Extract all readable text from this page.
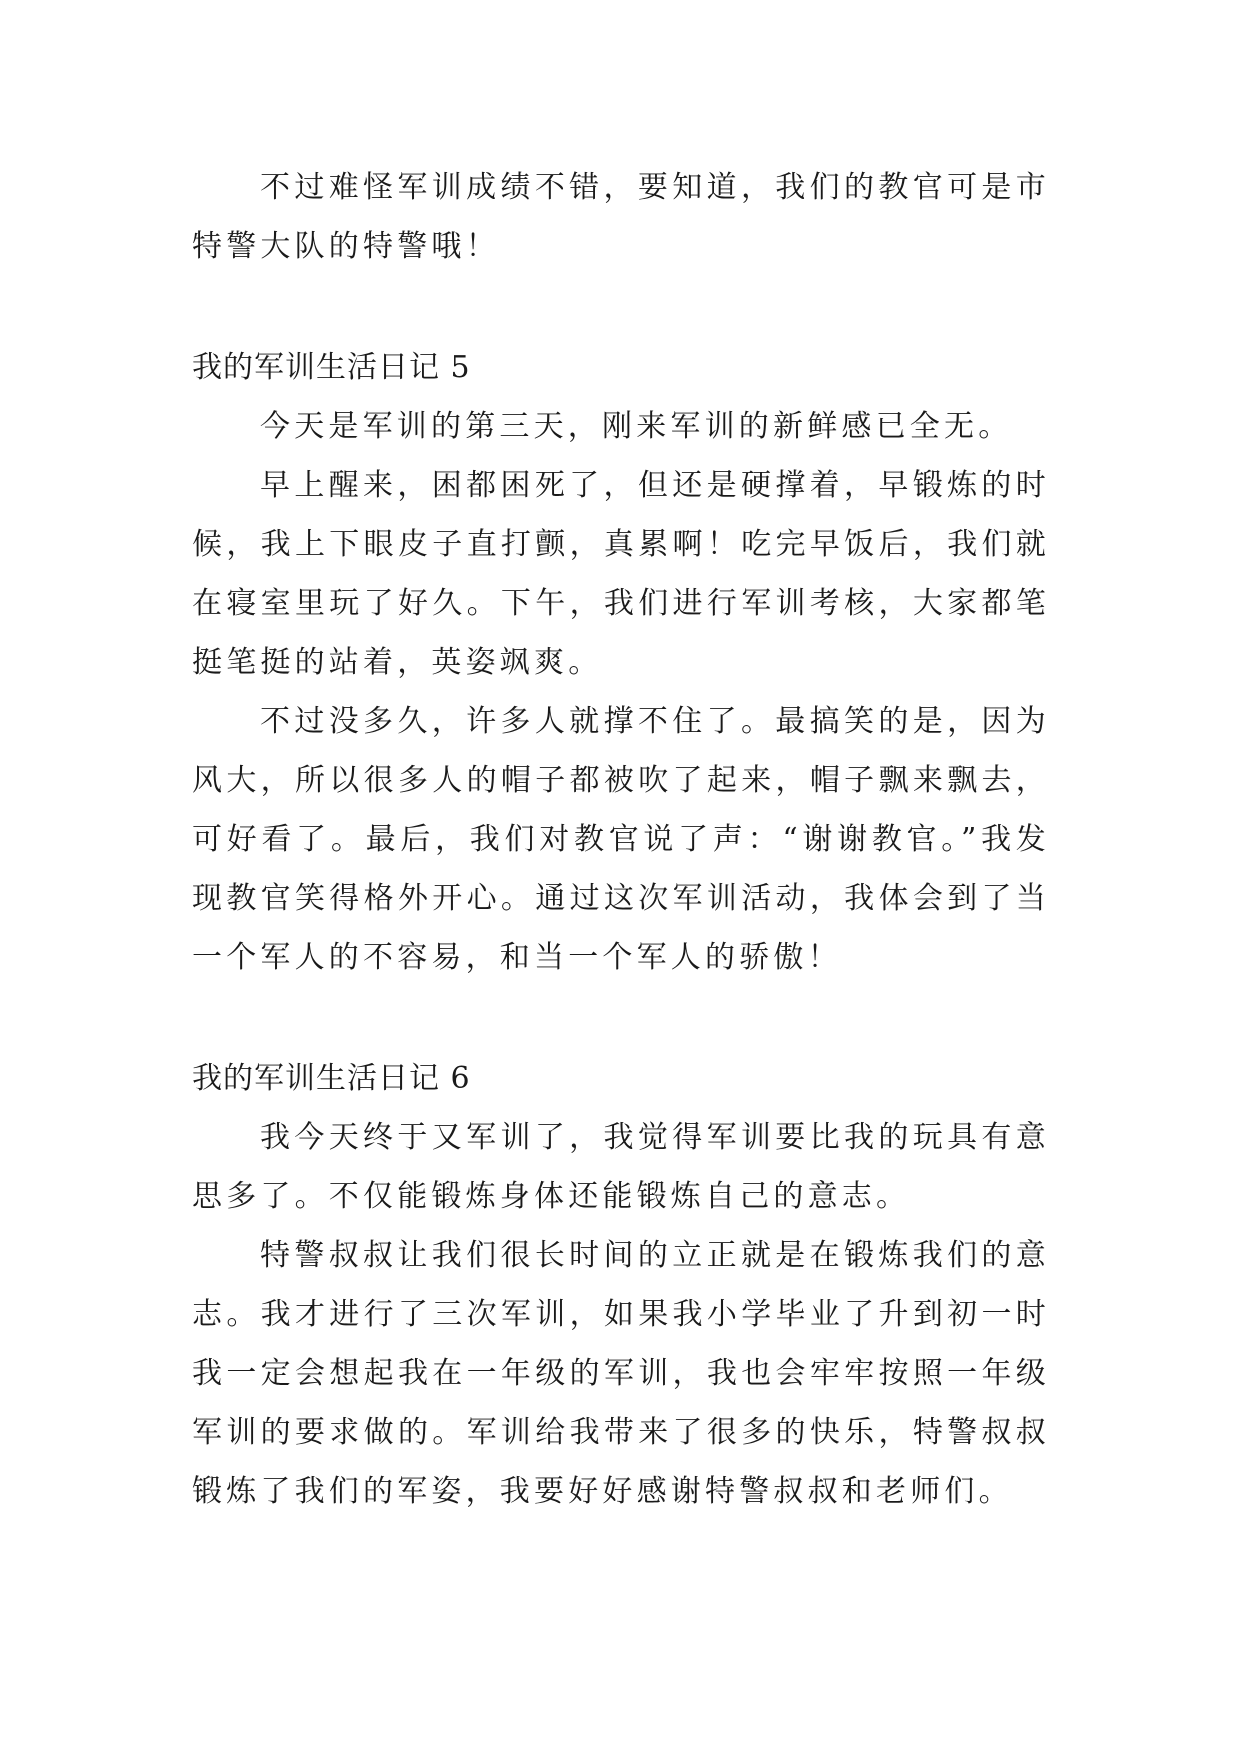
不过难怪军训成绩不错，要知道，我们的教官可是市特警大队的特警哦！

我的军训生活日记 5

今天是军训的第三天，刚来军训的新鲜感已全无。

早上醒来，困都困死了，但还是硬撑着，早锻炼的时候，我上下眼皮子直打颤，真累啊！吃完早饭后，我们就在寝室里玩了好久。下午，我们进行军训考核，大家都笔挺笔挺的站着，英姿飒爽。

不过没多久，许多人就撑不住了。最搞笑的是，因为风大，所以很多人的帽子都被吹了起来，帽子飘来飘去，可好看了。最后，我们对教官说了声：“谢谢教官。”我发现教官笑得格外开心。通过这次军训活动，我体会到了当一个军人的不容易，和当一个军人的骄傲！

我的军训生活日记 6

我今天终于又军训了，我觉得军训要比我的玩具有意思多了。不仅能锻炼身体还能锻炼自己的意志。

特警叔叔让我们很长时间的立正就是在锻炼我们的意志。我才进行了三次军训，如果我小学毕业了升到初一时我一定会想起我在一年级的军训，我也会牢牢按照一年级军训的要求做的。军训给我带来了很多的快乐，特警叔叔锻炼了我们的军姿，我要好好感谢特警叔叔和老师们。
